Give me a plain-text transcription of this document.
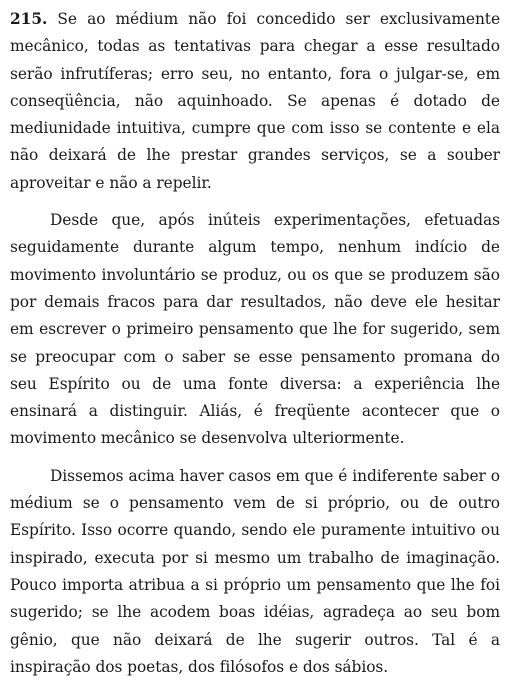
215. Se ao médium não foi concedido ser exclusivamente mecânico, todas as tentativas para chegar a esse resultado serão infrutíferas; erro seu, no entanto, fora o julgar-se, em conseqüência, não aquinhoado. Se apenas é dotado de mediunidade intuitiva, cumpre que com isso se contente e ela não deixará de lhe prestar grandes serviços, se a souber aproveitar e não a repelir.

Desde que, após inúteis experimentações, efetuadas seguidamente durante algum tempo, nenhum indício de movimento involuntário se produz, ou os que se produzem são por demais fracos para dar resultados, não deve ele hesitar em escrever o primeiro pensamento que lhe for sugerido, sem se preocupar com o saber se esse pensamento promana do seu Espírito ou de uma fonte diversa: a experiência lhe ensinará a distinguir. Aliás, é freqüente acontecer que o movimento mecânico se desenvolva ulteriormente.

Dissemos acima haver casos em que é indiferente saber o médium se o pensamento vem de si próprio, ou de outro Espírito. Isso ocorre quando, sendo ele puramente intuitivo ou inspirado, executa por si mesmo um trabalho de imaginação. Pouco importa atribua a si próprio um pensamento que lhe foi sugerido; se lhe acodem boas idéias, agradeça ao seu bom gênio, que não deixará de lhe sugerir outros. Tal é a inspiração dos poetas, dos filósofos e dos sábios.
